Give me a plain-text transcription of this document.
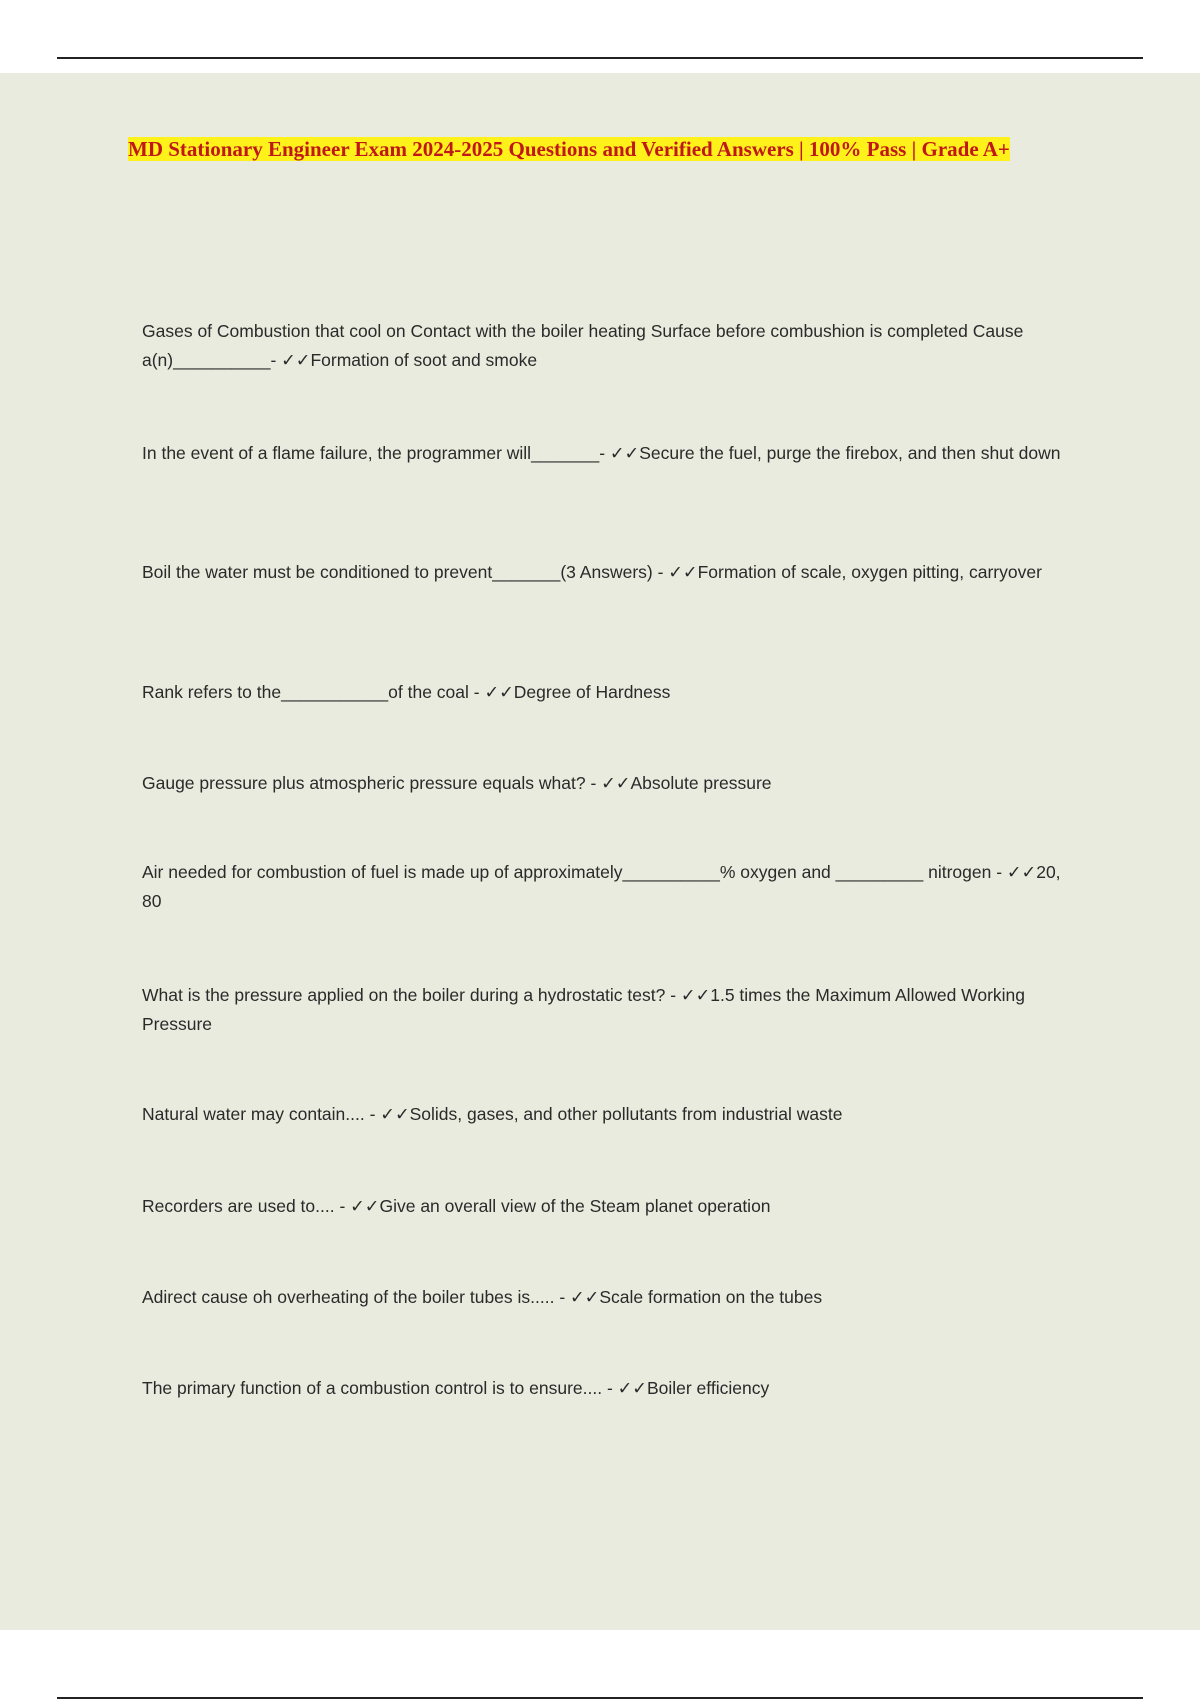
MD Stationary Engineer Exam 2024-2025 Questions and Verified Answers | 100% Pass | Grade A+

Gases of Combustion that cool on Contact with the boiler heating Surface before combushion is completed Cause a(n)__________- ✓✓Formation of soot and smoke

In the event of a flame failure, the programmer will_______- ✓✓Secure the fuel, purge the firebox, and then shut down

Boil the water must be conditioned to prevent_______(3 Answers) - ✓✓Formation of scale, oxygen pitting, carryover

Rank refers to the___________of the coal - ✓✓Degree of Hardness

Gauge pressure plus atmospheric pressure equals what? - ✓✓Absolute pressure

Air needed for combustion of fuel is made up of approximately__________% oxygen and _________ nitrogen - ✓✓20, 80

What is the pressure applied on the boiler during a hydrostatic test? - ✓✓1.5 times the Maximum Allowed Working Pressure

Natural water may contain.... - ✓✓Solids, gases, and other pollutants from industrial waste

Recorders are used to.... - ✓✓Give an overall view of the Steam planet operation

Adirect cause oh overheating of the boiler tubes is..... - ✓✓Scale formation on the tubes

The primary function of a combustion control is to ensure.... - ✓✓Boiler efficiency
